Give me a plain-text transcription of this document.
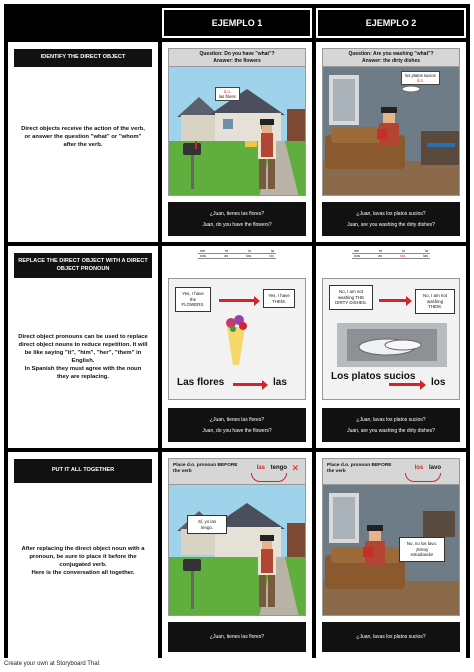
EJEMPLO 1	EJEMPLO 2
IDENTIFY THE DIRECT OBJECT
Direct objects receive the action of the verb, or answer the question "what" or "whom" after the verb.
Question: Do you have "what"?
Answer: the flowers
d.o.
las flores
¿Juan, tienes las flores?
Juan, do you have the flowers?
Question: Are you washing "what"?
Answer: the dirty dishes
los platos sucios
d.o.
¿Juan, lavas los platos sucios?
Juan, are you washing the dirty dishes?
REPLACE THE DIRECT OBJECT WITH A DIRECT OBJECT PRONOUN
Direct object pronouns can be used to replace direct object nouns to reduce repetition. It will be like saying "it", "him", "her", "them" in English.
In Spanish they must agree with the noun they are replacing.
me	te	lo	la
nos	os	los	las
Yes, I have the FLOWERS.
Yes, I have THEM.
Las flores	las
¿Juan, tienes las flores?
Juan, do you have the flowers?
me	te	lo	la
nos	os	los	las
No, I am not washing THE DIRTY DISHES.
No, I am not washing THEM.
Los platos sucios
los
¿Juan, lavas los platos sucios?
Juan, are you washing the dirty dishes?
PUT IT ALL TOGETHER
After replacing the direct object noun with a pronoun, be sure to place it before the conjugated verb.
Here is the conversation all together.
Place d.o. pronoun BEFORE the verb
las tengo ✕
Sí, yo las tengo.
¿Juan, tienes las flores?
Place d.o. pronoun BEFORE the verb
los lavo
No, no los lavo. ¡Estoy estudiando!
¿Juan, lavas los platos sucios?
Create your own at Storyboard That
